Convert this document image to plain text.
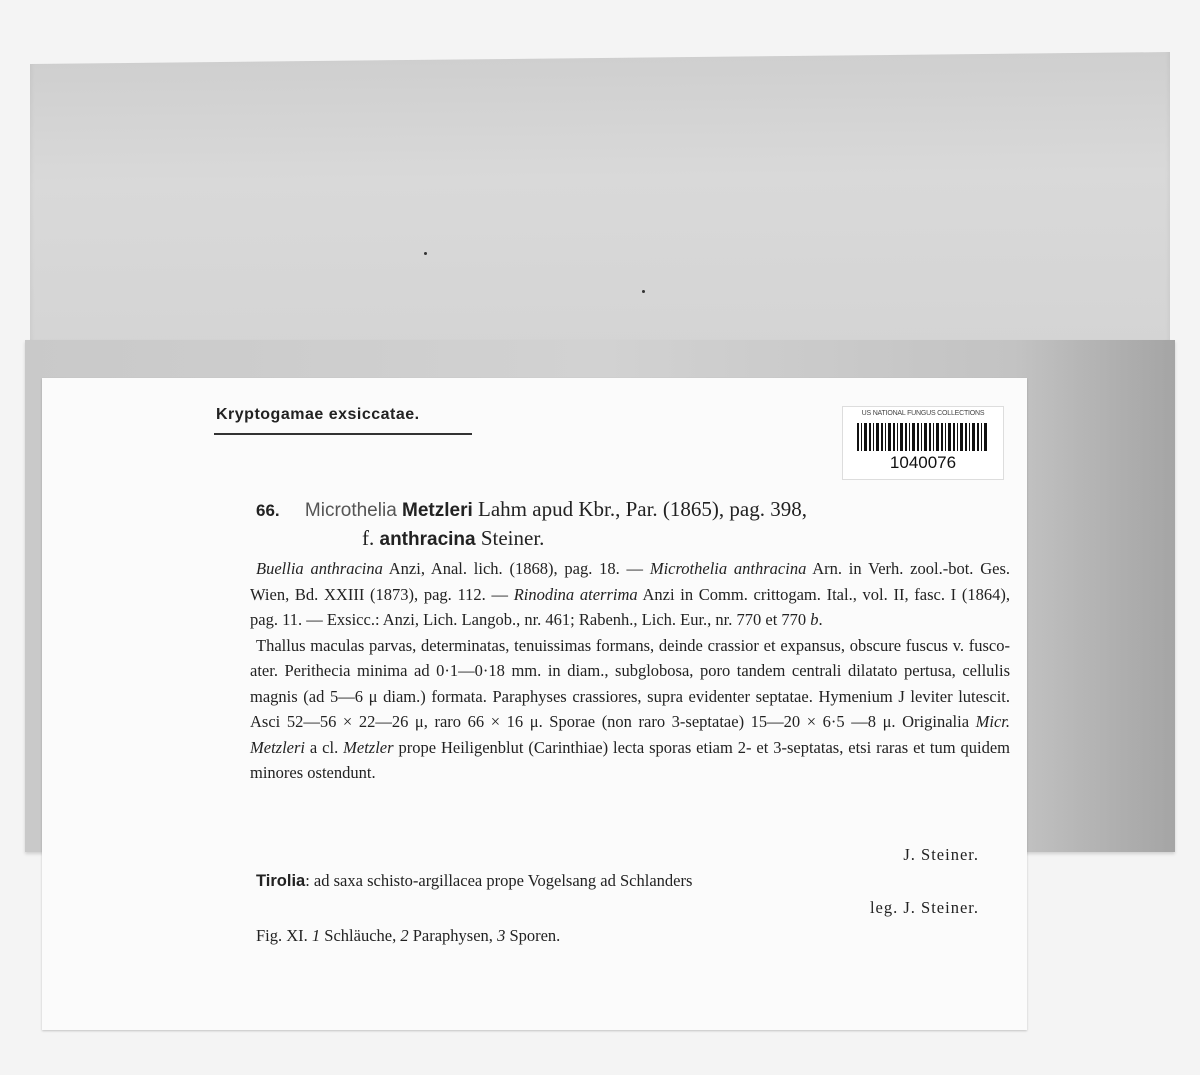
Kryptogamae exsiccatae.	US NATIONAL FUNGUS COLLECTIONS
1040076
66. Microthelia Metzleri Lahm apud Kbr., Par. (1865), pag. 398,
f. anthracina Steiner.

Buellia anthracina Anzi, Anal. lich. (1868), pag. 18. — Microthelia anthracina Arn. in Verh. zool.-bot. Ges. Wien, Bd. XXIII (1873), pag. 112. — Rinodina aterrima Anzi in Comm. crittogam. Ital., vol. II, fasc. I (1864), pag. 11. — Exsicc.: Anzi, Lich. Langob., nr. 461; Rabenh., Lich. Eur., nr. 770 et 770 b.

Thallus maculas parvas, determinatas, tenuissimas formans, deinde crassior et expansus, obscure fuscus v. fusco-ater. Perithecia minima ad 0·1—0·18 mm. in diam., subglobosa, poro tandem centrali dilatato pertusa, cellulis magnis (ad 5—6 μ diam.) formata. Paraphyses crassiores, supra evidenter septatae. Hymenium J leviter lutescit. Asci 52—56 × 22—26 μ, raro 66 × 16 μ. Sporae (non raro 3-septatae) 15—20 × 6·5 —8 μ. Originalia Micr. Metzleri a cl. Metzler prope Heiligenblut (Carinthiae) lecta sporas etiam 2- et 3-septatas, etsi raras et tum quidem minores ostendunt.

J. Steiner.
Tirolia: ad saxa schisto-argillacea prope Vogelsang ad Schlanders
leg. J. Steiner.
Fig. XI. 1 Schläuche, 2 Paraphysen, 3 Sporen.
